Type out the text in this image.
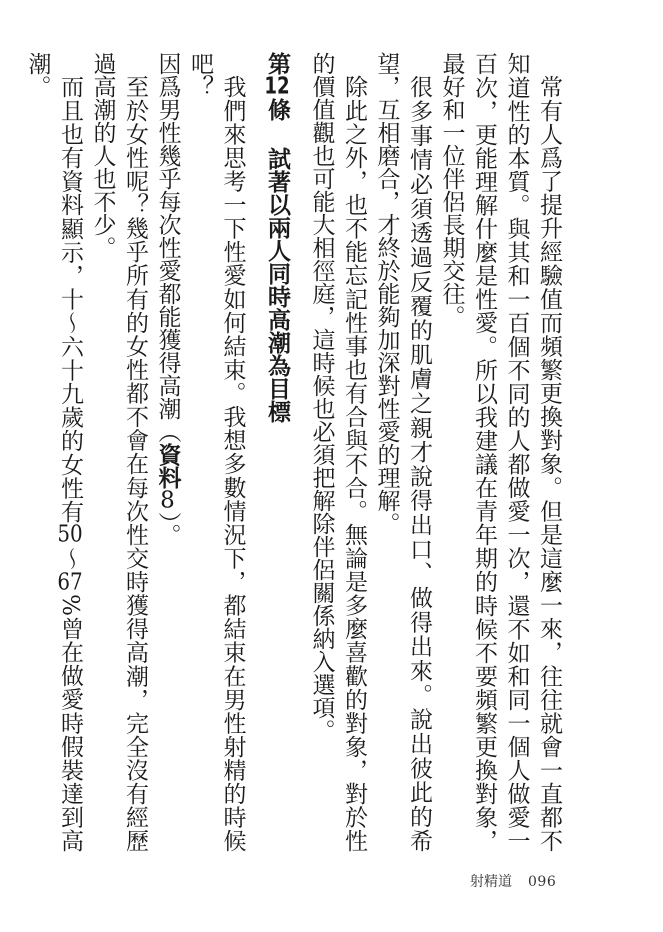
常有人爲了提升經驗值而頻繁更換對象。但是這麼一來，往往就會一直都不知道性的本質。與其和一百個不同的人都做愛一次，還不如和同一個人做愛一百次，更能理解什麼是性愛。所以我建議在青年期的時候不要頻繁更換對象，最好和一位伴侶長期交往。

很多事情必須透過反覆的肌膚之親才說得出口、做得出來。說出彼此的希望，互相磨合，才終於能夠加深對性愛的理解。

除此之外，也不能忘記性事也有合與不合。無論是多麼喜歡的對象，對於性的價值觀也可能大相徑庭，這時候也必須把解除伴侶關係納入選項。

第12條試著以兩人同時高潮為目標

我們來思考一下性愛如何結束。我想多數情況下，都結束在男性射精的時候吧？

因爲男性幾乎每次性愛都能獲得高潮（資料8）。

至於女性呢？幾乎所有的女性都不會在每次性交時獲得高潮，完全沒有經歷過高潮的人也不少。

而且也有資料顯示，十～六十九歲的女性有50～67%曾在做愛時假裝達到高潮。

射精道 096
